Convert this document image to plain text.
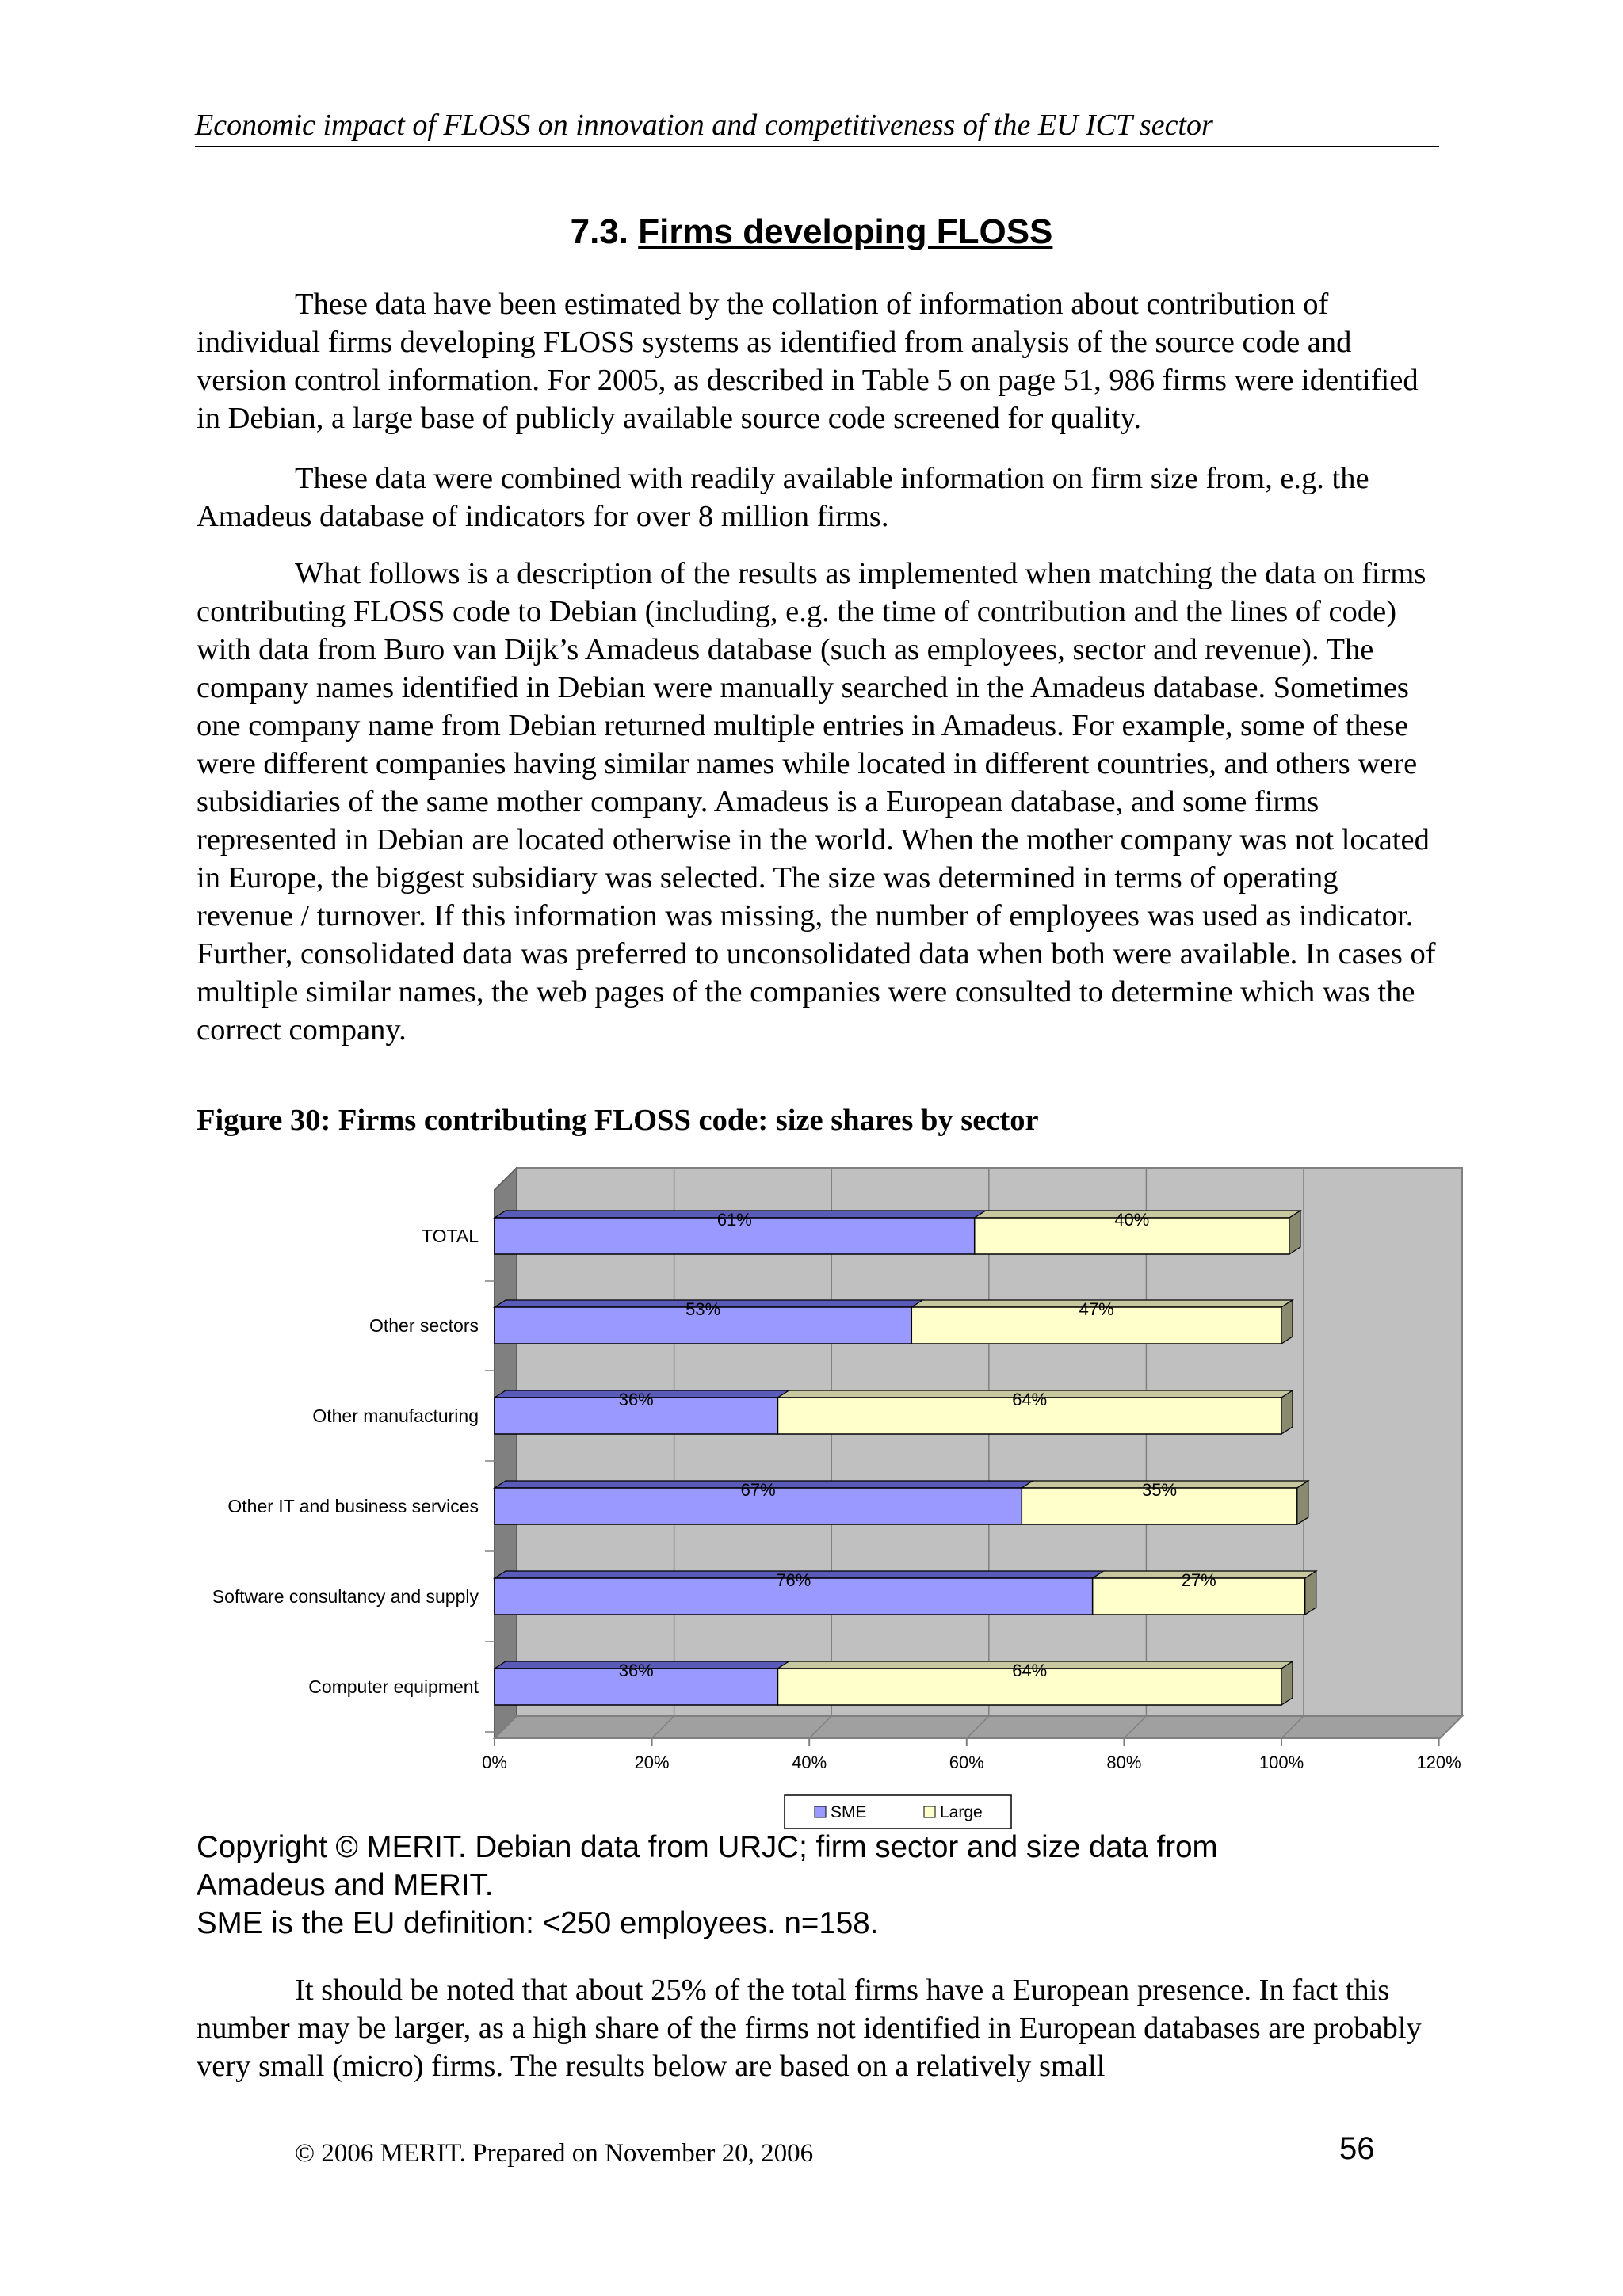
Economic impact of FLOSS on innovation and competitiveness of the EU ICT sector
7.3. Firms developing FLOSS

These data have been estimated by the collation of information about contribution of individual firms developing FLOSS systems as identified from analysis of the source code and version control information. For 2005, as described in Table 5 on page 51, 986 firms were identified in Debian, a large base of publicly available source code screened for quality.

These data were combined with readily available information on firm size from, e.g. the Amadeus database of indicators for over 8 million firms.

What follows is a description of the results as implemented when matching the data on firms contributing FLOSS code to Debian (including, e.g. the time of contribution and the lines of code) with data from Buro van Dijk’s Amadeus database (such as employees, sector and revenue). The company names identified in Debian were manually searched in the Amadeus database. Sometimes one company name from Debian returned multiple entries in Amadeus. For example, some of these were different companies having similar names while located in different countries, and others were subsidiaries of the same mother company. Amadeus is a European database, and some firms represented in Debian are located otherwise in the world. When the mother company was not located in Europe, the biggest subsidiary was selected. The size was determined in terms of operating revenue / turnover. If this information was missing, the number of employees was used as indicator. Further, consolidated data was preferred to unconsolidated data when both were available. In cases of multiple similar names, the web pages of the companies were consulted to determine which was the correct company.

Figure 30: Firms contributing FLOSS code: size shares by sector
61%	40%
53%	47%
36%	64%
67%	35%
76%	27%
36%	64%
TOTAL
Other sectors
Other manufacturing
Other IT and business services
Software consultancy and supply
Computer equipment
0%	20%	40%	60%	80%	100%	120%
SME	Large
Copyright © MERIT. Debian data from URJC; firm sector and size data from
Amadeus and MERIT.
SME is the EU definition: <250 employees. n=158.

It should be noted that about 25% of the total firms have a European presence. In fact this number may be larger, as a high share of the firms not identified in European databases are probably very small (micro) firms. The results below are based on a relatively small

© 2006 MERIT. Prepared on November 20, 2006	56
